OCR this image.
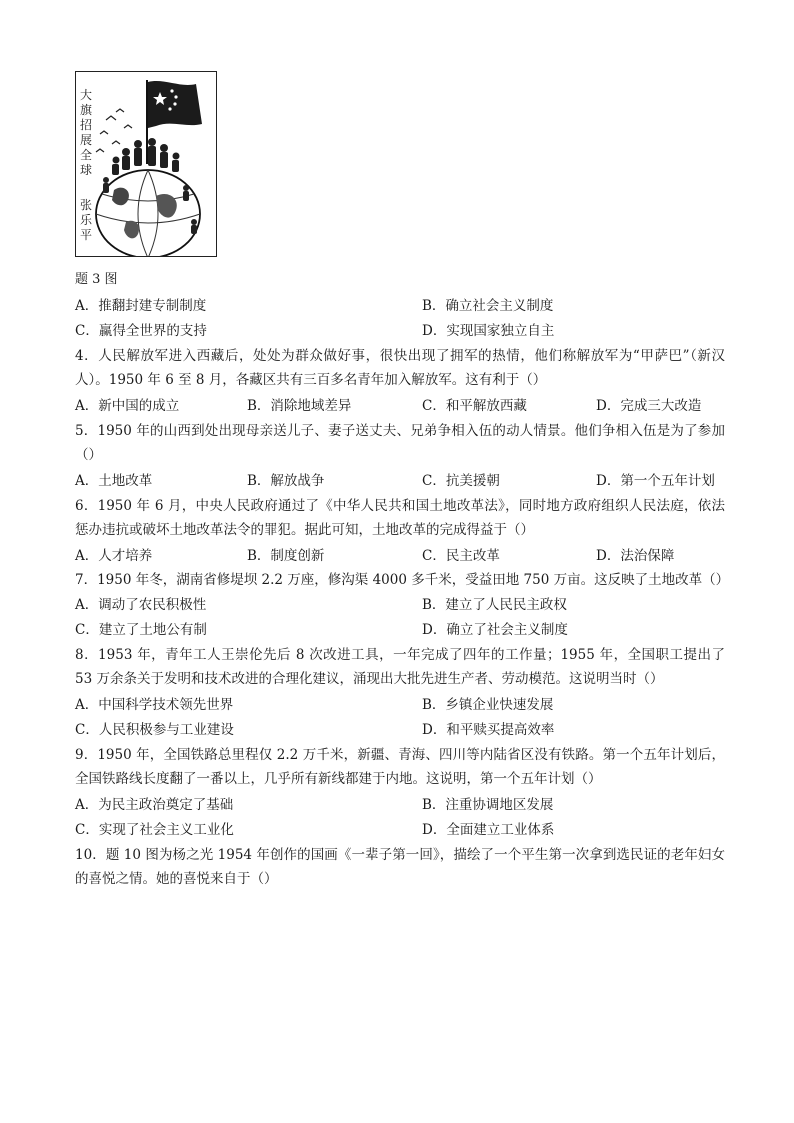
大
旗
招
展
全
球
张
乐
平
题 3 图
A．推翻封建专制制度	B．确立社会主义制度
C．赢得全世界的支持	D．实现国家独立自主
4．人民解放军进入西藏后，处处为群众做好事，很快出现了拥军的热情，他们称解放军为“甲萨巴”（新汉人）。1950 年 6 至 8 月，各藏区共有三百多名青年加入解放军。这有利于（）
A．新中国的成立	B．消除地域差异	C．和平解放西藏	D．完成三大改造
5．1950 年的山西到处出现母亲送儿子、妻子送丈夫、兄弟争相入伍的动人情景。他们争相入伍是为了参加（）
A．土地改革	B．解放战争	C．抗美援朝	D．第一个五年计划
6．1950 年 6 月，中央人民政府通过了《中华人民共和国土地改革法》，同时地方政府组织人民法庭，依法惩办违抗或破坏土地改革法令的罪犯。据此可知，土地改革的完成得益于（）
A．人才培养	B．制度创新	C．民主改革	D．法治保障
7．1950 年冬，湖南省修堤坝 2.2 万座，修沟渠 4000 多千米，受益田地 750 万亩。这反映了土地改革（）
A．调动了农民积极性	B．建立了人民民主政权
C．建立了土地公有制	D．确立了社会主义制度
8．1953 年，青年工人王崇伦先后 8 次改进工具，一年完成了四年的工作量；1955 年，全国职工提出了 53 万余条关于发明和技术改进的合理化建议，涌现出大批先进生产者、劳动模范。这说明当时（）
A．中国科学技术领先世界	B．乡镇企业快速发展
C．人民积极参与工业建设	D．和平赎买提高效率
9．1950 年，全国铁路总里程仅 2.2 万千米，新疆、青海、四川等内陆省区没有铁路。第一个五年计划后，全国铁路线长度翻了一番以上，几乎所有新线都建于内地。这说明，第一个五年计划（）
A．为民主政治奠定了基础	B．注重协调地区发展
C．实现了社会主义工业化	D．全面建立工业体系
10．题 10 图为杨之光 1954 年创作的国画《一辈子第一回》，描绘了一个平生第一次拿到选民证的老年妇女的喜悦之情。她的喜悦来自于（）
